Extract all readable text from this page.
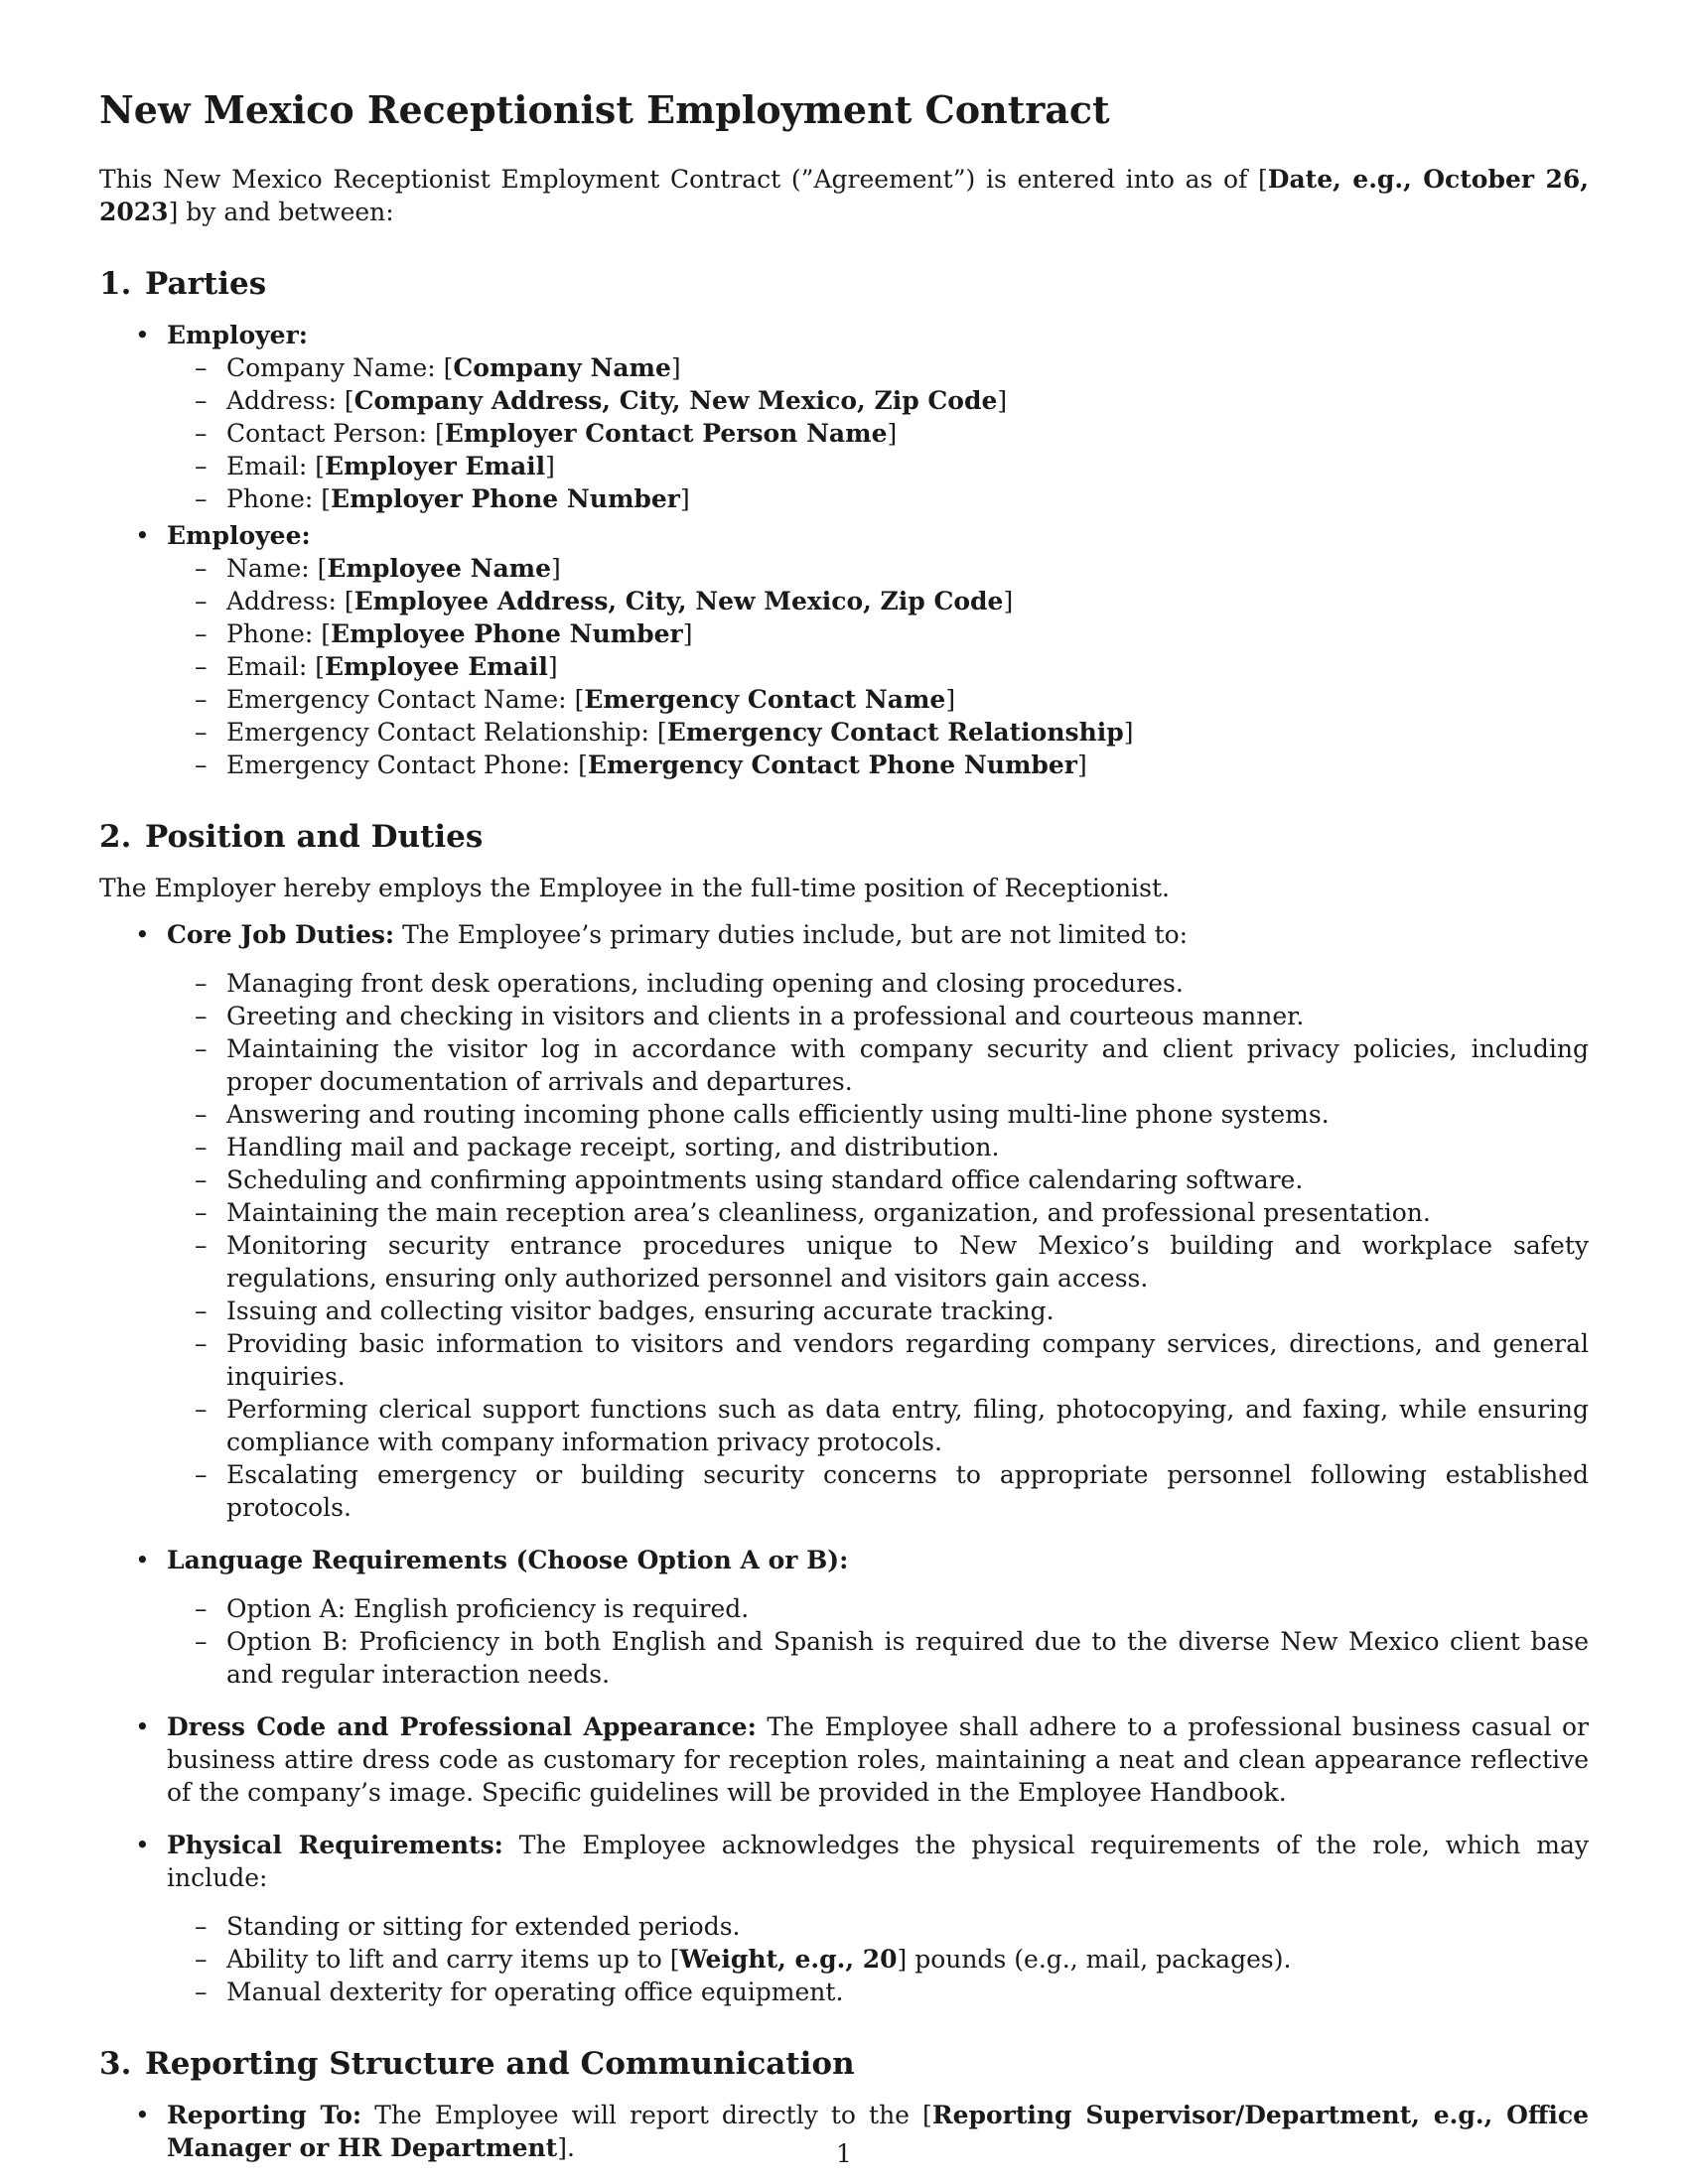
New Mexico Receptionist Employment Contract

This New Mexico Receptionist Employment Contract (”Agreement”) is entered into as of [Date, e.g., October 26, 2023] by and between:

1. Parties
• Employer:
– Company Name: [Company Name]
– Address: [Company Address, City, New Mexico, Zip Code]
– Contact Person: [Employer Contact Person Name]
– Email: [Employer Email]
– Phone: [Employer Phone Number]
• Employee:
– Name: [Employee Name]
– Address: [Employee Address, City, New Mexico, Zip Code]
– Phone: [Employee Phone Number]
– Email: [Employee Email]
– Emergency Contact Name: [Emergency Contact Name]
– Emergency Contact Relationship: [Emergency Contact Relationship]
– Emergency Contact Phone: [Emergency Contact Phone Number]
2. Position and Duties

The Employer hereby employs the Employee in the full-time position of Receptionist.

• Core Job Duties: The Employee’s primary duties include, but are not limited to:
– Managing front desk operations, including opening and closing procedures.
– Greeting and checking in visitors and clients in a professional and courteous manner.
– Maintaining the visitor log in accordance with company security and client privacy policies, including proper documentation of arrivals and departures.
– Answering and routing incoming phone calls efficiently using multi-line phone systems.
– Handling mail and package receipt, sorting, and distribution.
– Scheduling and confirming appointments using standard office calendaring software.
– Maintaining the main reception area’s cleanliness, organization, and professional presentation.
– Monitoring security entrance procedures unique to New Mexico’s building and workplace safety regulations, ensuring only authorized personnel and visitors gain access.
– Issuing and collecting visitor badges, ensuring accurate tracking.
– Providing basic information to visitors and vendors regarding company services, directions, and general inquiries.
– Performing clerical support functions such as data entry, filing, photocopying, and faxing, while ensuring compliance with company information privacy protocols.
– Escalating emergency or building security concerns to appropriate personnel following established protocols.
• Language Requirements (Choose Option A or B):
– Option A: English proficiency is required.
– Option B: Proficiency in both English and Spanish is required due to the diverse New Mexico client base and regular interaction needs.
• Dress Code and Professional Appearance: The Employee shall adhere to a professional business casual or business attire dress code as customary for reception roles, maintaining a neat and clean appearance reflective of the company’s image. Specific guidelines will be provided in the Employee Handbook.
• Physical Requirements: The Employee acknowledges the physical requirements of the role, which may include:
– Standing or sitting for extended periods.
– Ability to lift and carry items up to [Weight, e.g., 20] pounds (e.g., mail, packages).
– Manual dexterity for operating office equipment.
3. Reporting Structure and Communication
• Reporting To: The Employee will report directly to the [Reporting Supervisor/Department, e.g., Office Manager or HR Department].	1
